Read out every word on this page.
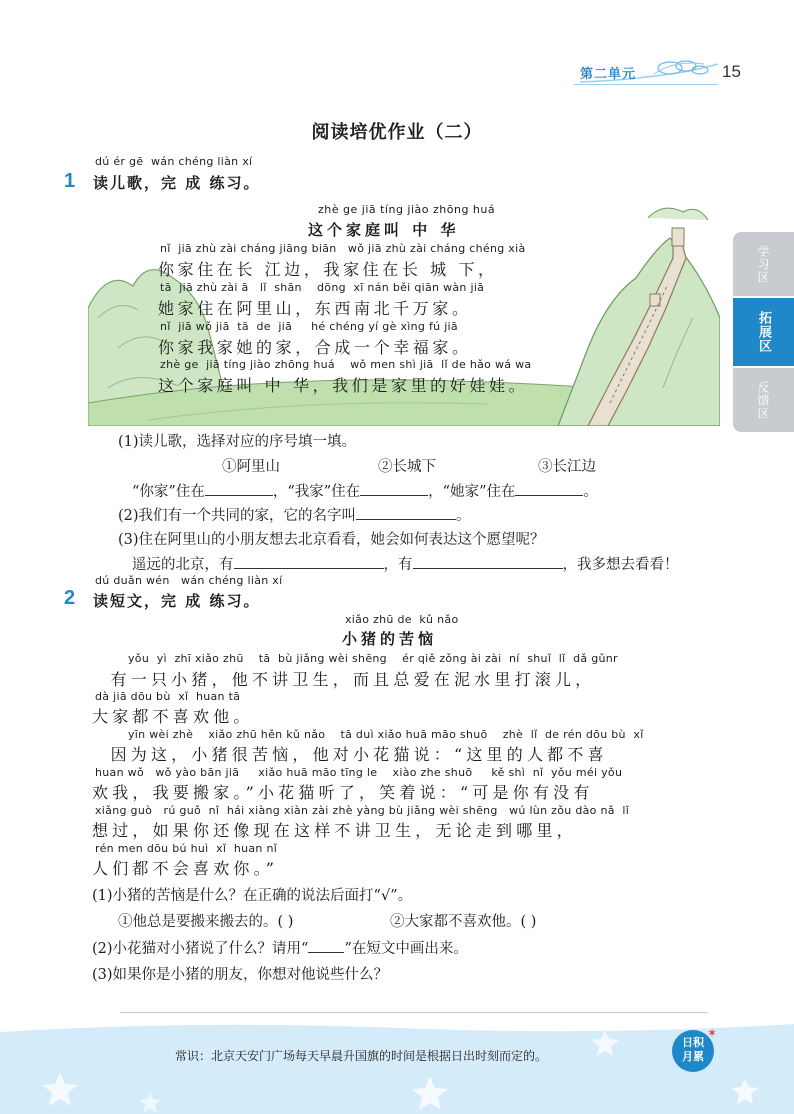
第二单元	15
阅读培优作业（二）
学习区
拓展区
反馈区
1
dú ér gē  wán chéng liàn xí
读儿歌，完 成 练习。
zhè ge jiā tíng jiào zhōng huá
这个家庭叫 中 华
nǐ  jiā zhù zài cháng jiāng biān   wǒ jiā zhù zài cháng chéng xià
你家住在长 江边，我家住在长 城 下，
tā  jiā zhù zài ā   lǐ  shān    dōng  xī nán běi qiān wàn jiā
她家住在阿里山，东西南北千万家。
nǐ  jiā wǒ jiā  tā  de  jiā     hé chéng yí gè xìng fú jiā
你家我家她的家，合成一个幸福家。
zhè ge  jiā tíng jiào zhōng huá    wǒ men shì jiā  lǐ de hǎo wá wa
这个家庭叫 中 华，我们是家里的好娃娃。
(1)读儿歌，选择对应的序号填一填。
①阿里山	②长城下	③长江边
“你家”住在	，“我家”住在	，“她家”住在	。
(2)我们有一个共同的家，它的名字叫	。
(3)住在阿里山的小朋友想去北京看看，她会如何表达这个愿望呢？
遥远的北京，有	，有	，我多想去看看！
2
dú duǎn wén   wán chéng liàn xí
读短文，完 成 练习。
xiǎo zhū de  kǔ nǎo
小猪的苦恼
yǒu  yì  zhī xiǎo zhū    tā  bù jiǎng wèi shēng    ér qiě zǒng ài zài  ní  shuǐ  lǐ  dǎ gǔnr
有一只小猪，他不讲卫生，而且总爱在泥水里打滚儿，
dà jiā dōu bù  xǐ  huan tā
大家都不喜欢他。
yīn wèi zhè    xiǎo zhū hěn kǔ nǎo    tā duì xiǎo huā māo shuō    zhè  lǐ  de rén dōu bù  xǐ
因为这，小猪很苦恼，他对小花猫说：“这里的人都不喜
huan wǒ   wǒ yào bān jiā     xiǎo huā māo tīng le    xiào zhe shuō     kě shì  nǐ  yǒu méi yǒu
欢我，我要搬家。”小花猫听了，笑着说：“可是你有没有
xiǎng guò   rú guǒ  nǐ  hái xiàng xiàn zài zhè yàng bù jiǎng wèi shēng   wú lùn zǒu dào nǎ  lǐ
想过，如果你还像现在这样不讲卫生，无论走到哪里，
rén men dōu bú huì  xǐ  huan nǐ
人们都不会喜欢你。”
(1)小猪的苦恼是什么？在正确的说法后面打“√”。
①他总是要搬来搬去的。( )	②大家都不喜欢他。( )
(2)小花猫对小猪说了什么？请用“ ”在短文中画出来。
(3)如果你是小猪的朋友，你想对他说些什么？
常识：北京天安门广场每天早晨升国旗的时间是根据日出时刻而定的。
日积
月累
✶
